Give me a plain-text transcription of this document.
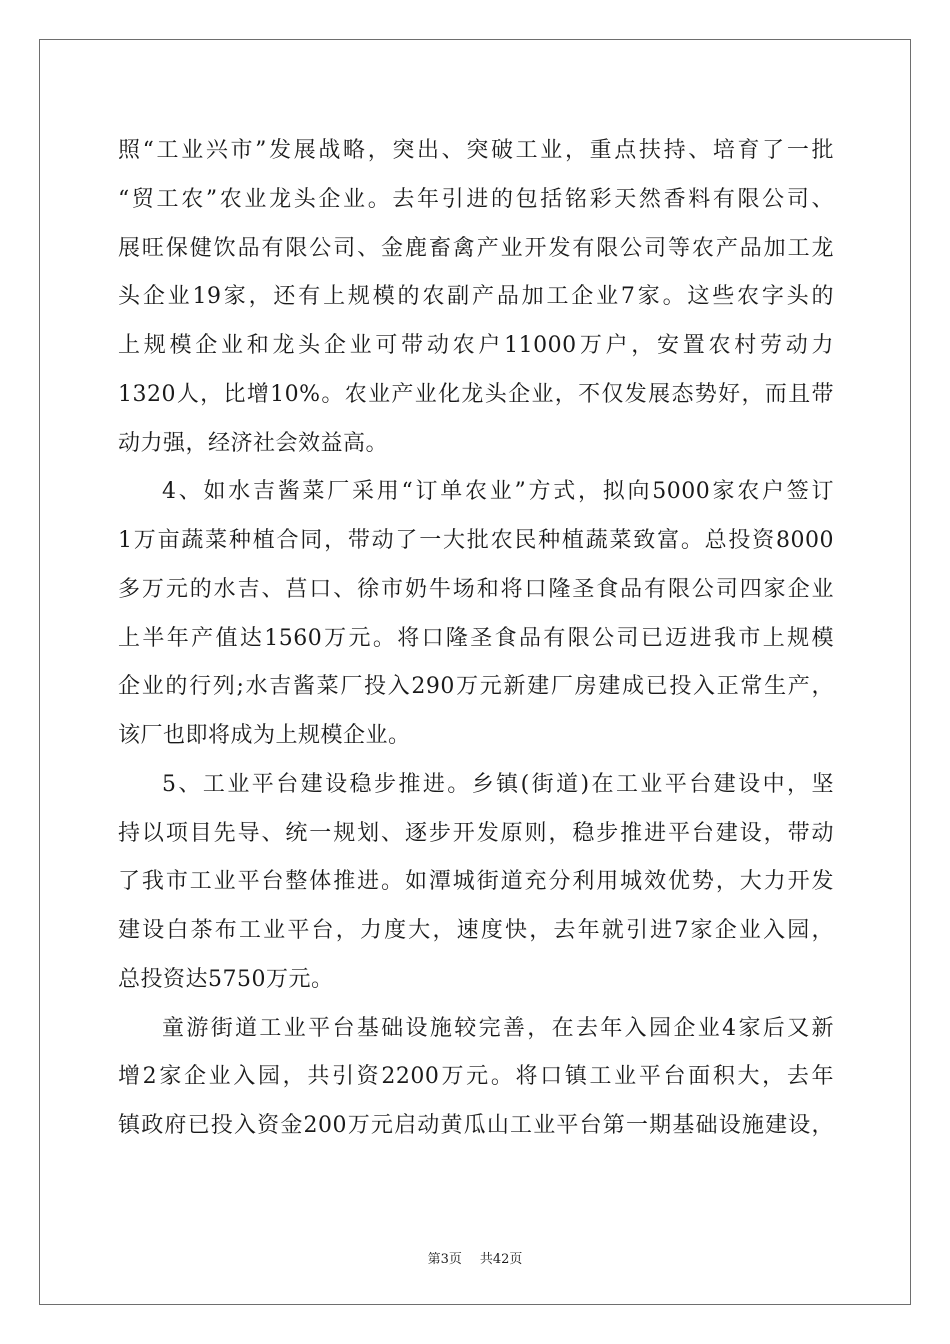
照“工业兴市”发展战略，突出、突破工业，重点扶持、培育了一批
“贸工农”农业龙头企业。去年引进的包括铭彩天然香料有限公司、
展旺保健饮品有限公司、金鹿畜禽产业开发有限公司等农产品加工龙
头企业19家，还有上规模的农副产品加工企业7家。这些农字头的
上规模企业和龙头企业可带动农户11000万户，安置农村劳动力
1320人，比增10%。农业产业化龙头企业，不仅发展态势好，而且带
动力强，经济社会效益高。
4、如水吉酱菜厂采用“订单农业”方式，拟向5000家农户签订
1万亩蔬菜种植合同，带动了一大批农民种植蔬菜致富。总投资8000
多万元的水吉、莒口、徐市奶牛场和将口隆圣食品有限公司四家企业
上半年产值达1560万元。将口隆圣食品有限公司已迈进我市上规模
企业的行列;水吉酱菜厂投入290万元新建厂房建成已投入正常生产，
该厂也即将成为上规模企业。
5、工业平台建设稳步推进。乡镇(街道)在工业平台建设中，坚
持以项目先导、统一规划、逐步开发原则，稳步推进平台建设，带动
了我市工业平台整体推进。如潭城街道充分利用城效优势，大力开发
建设白茶布工业平台，力度大，速度快，去年就引进7家企业入园，
总投资达5750万元。
童游街道工业平台基础设施较完善，在去年入园企业4家后又新
增2家企业入园，共引资2200万元。将口镇工业平台面积大，去年
镇政府已投入资金200万元启动黄瓜山工业平台第一期基础设施建设，
第3页 共42页
